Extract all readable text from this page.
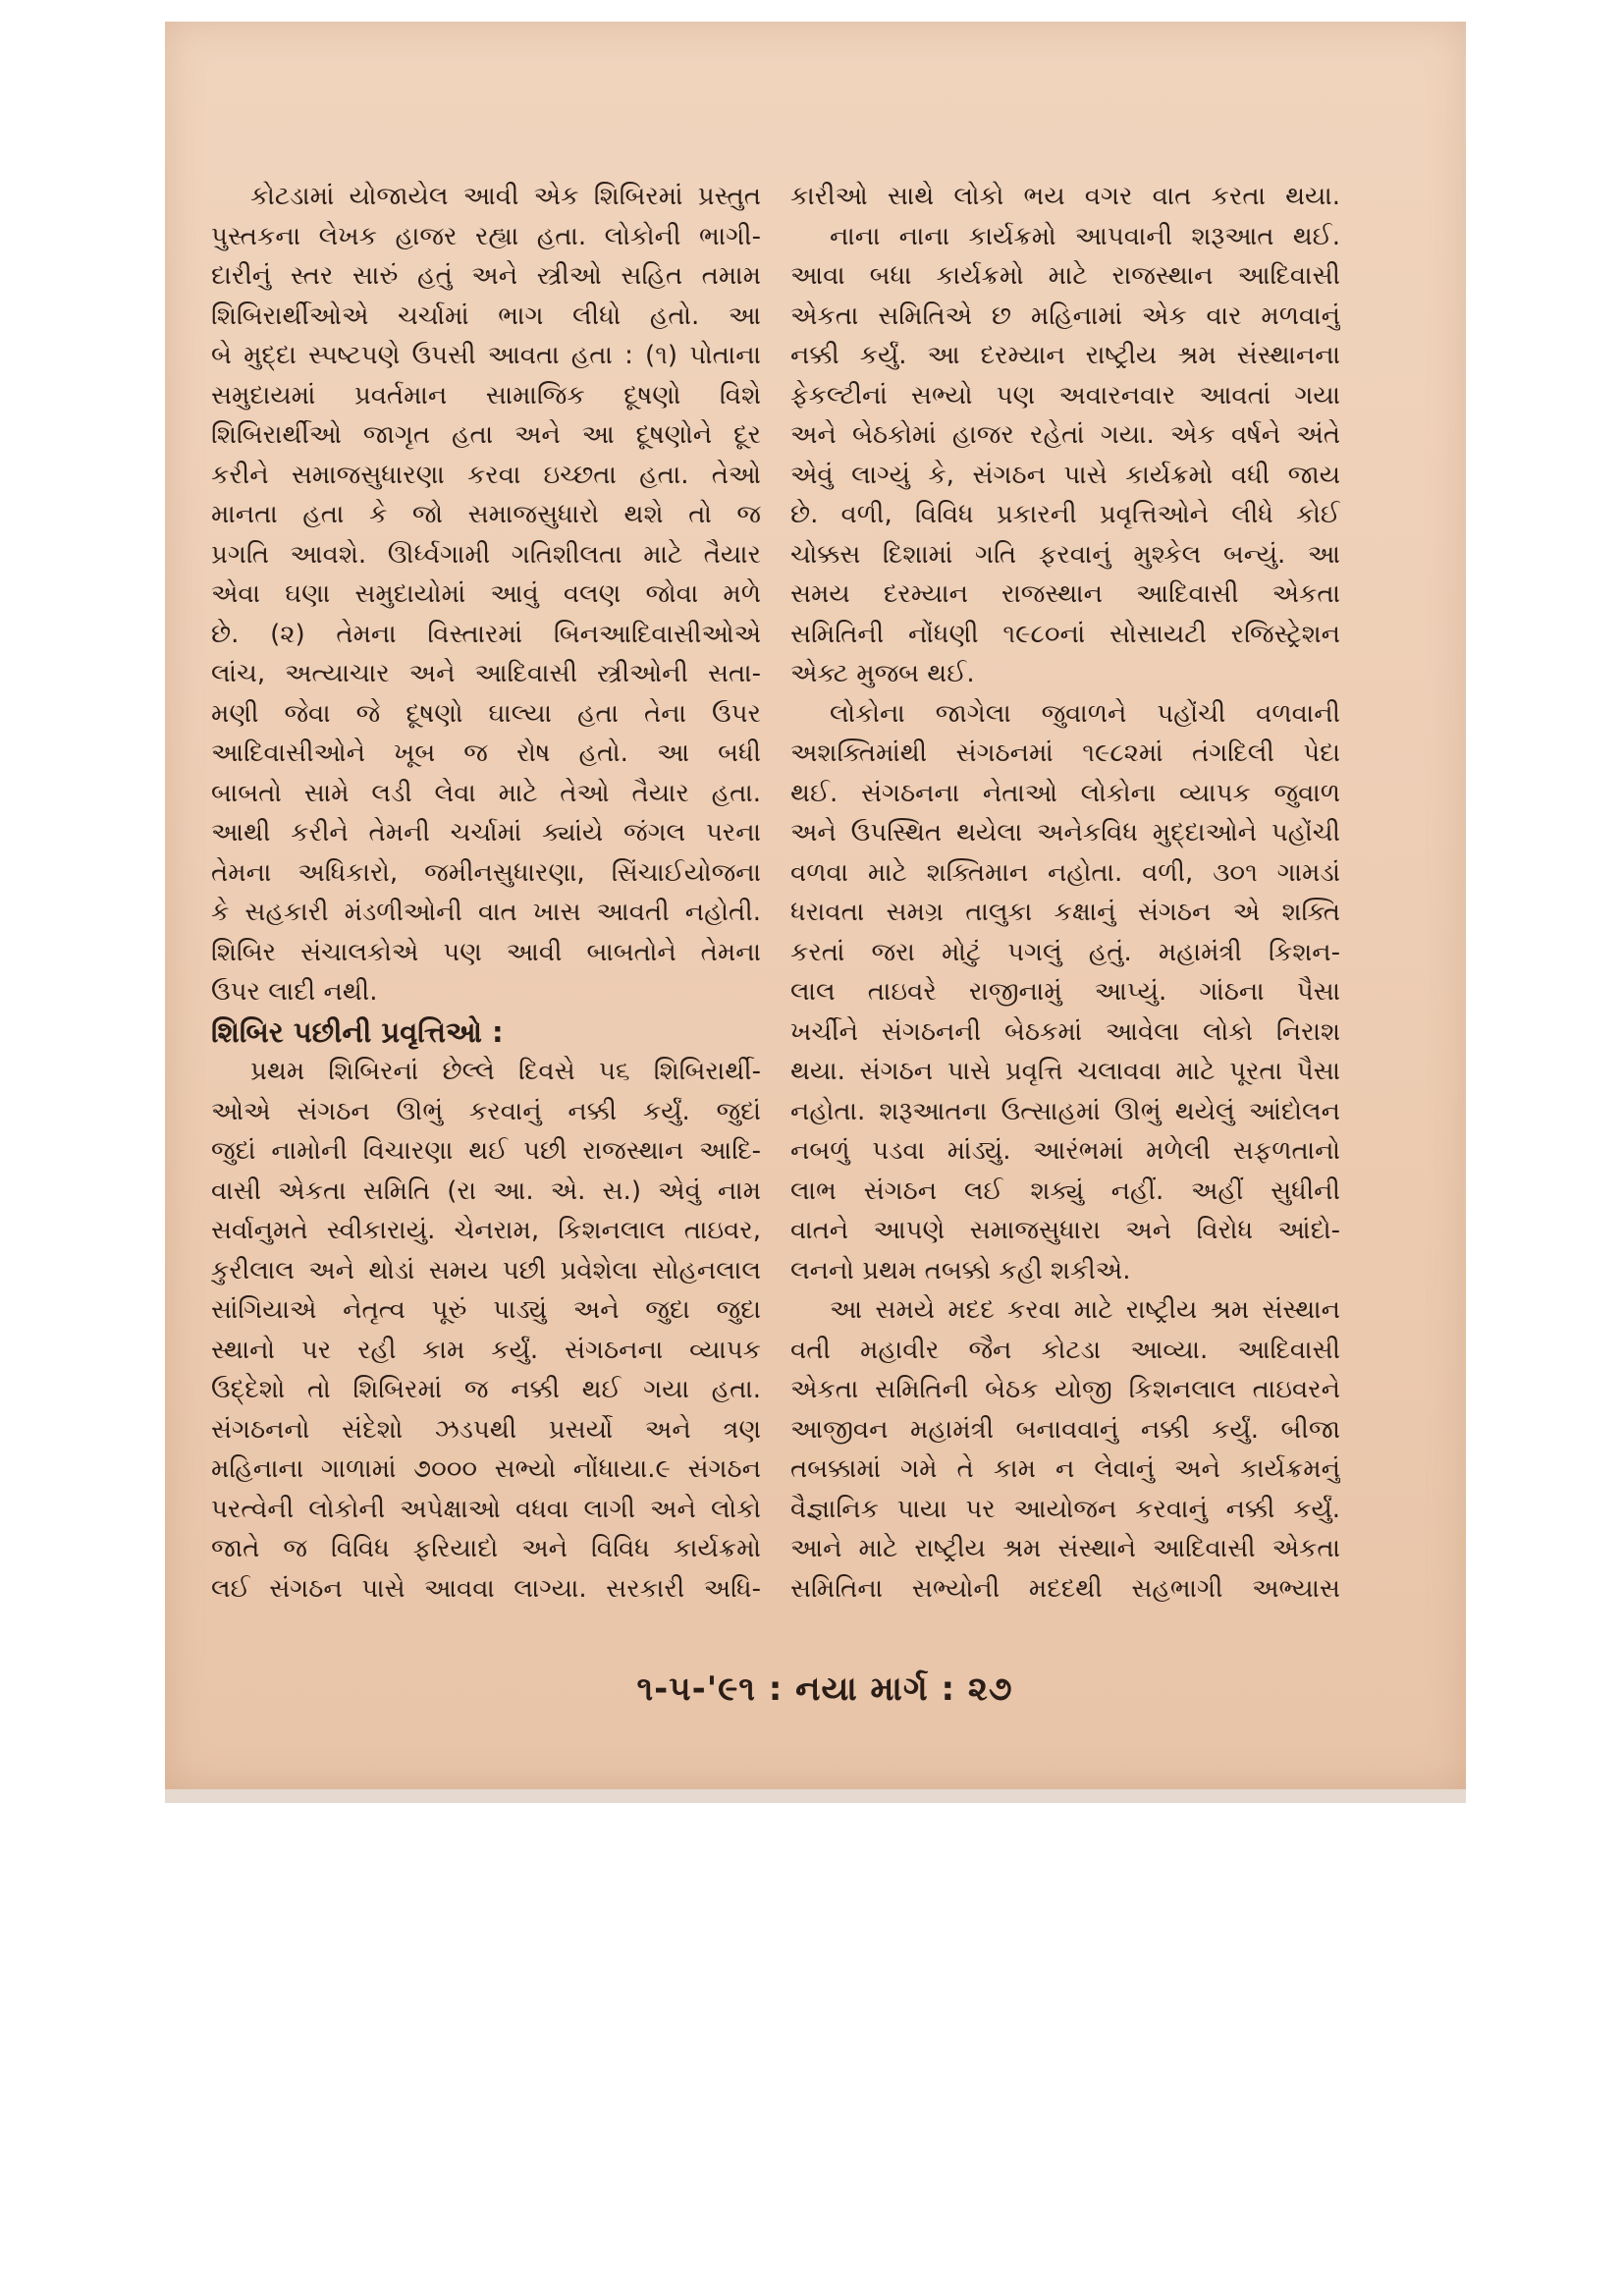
કોટડામાં યોજાયેલ આવી એક શિબિરમાં પ્રસ્તુત
પુસ્તકના લેખક હાજર રહ્યા હતા. લોકોની ભાગી-
દારીનું સ્તર સારું હતું અને સ્ત્રીઓ સહિત તમામ
શિબિરાર્થીઓએ ચર્ચામાં ભાગ લીધો હતો. આ
બે મુદ્દા સ્પષ્ટપણે ઉપસી આવતા હતા : (૧) પોતાના
સમુદાયમાં પ્રવર્તમાન સામાજિક દૂષણો વિશે
શિબિરાર્થીઓ જાગૃત હતા અને આ દૂષણોને દૂર
કરીને સમાજસુધારણા કરવા ઇચ્છતા હતા. તેઓ
માનતા હતા કે જો સમાજસુધારો થશે તો જ
પ્રગતિ આવશે. ઊર્ધ્વગામી ગતિશીલતા માટે તૈયાર
એવા ઘણા સમુદાયોમાં આવું વલણ જોવા મળે
છે. (૨) તેમના વિસ્તારમાં બિનઆદિવાસીઓએ
લાંચ, અત્યાચાર અને આદિવાસી સ્ત્રીઓની સતા-
મણી જેવા જે દૂષણો ઘાલ્યા હતા તેના ઉપર
આદિવાસીઓને ખૂબ જ રોષ હતો. આ બધી
બાબતો સામે લડી લેવા માટે તેઓ તૈયાર હતા.
આથી કરીને તેમની ચર્ચામાં ક્યાંયે જંગલ પરના
તેમના અધિકારો, જમીનસુધારણા, સિંચાઈયોજના
કે સહકારી મંડળીઓની વાત ખાસ આવતી નહોતી.
શિબિર સંચાલકોએ પણ આવી બાબતોને તેમના
ઉપર લાદી નથી.
શિબિર પછીની પ્રવૃત્તિઓ :
પ્રથમ શિબિરનાં છેલ્લે દિવસે ૫૬ શિબિરાર્થી-
ઓએ સંગઠન ઊભું કરવાનું નક્કી કર્યું. જુદાં
જુદાં નામોની વિચારણા થઈ પછી રાજસ્થાન આદિ-
વાસી એકતા સમિતિ (રા આ. એ. સ.) એવું નામ
સર્વાનુમતે સ્વીકારાયું. ચેનરામ, કિશનલાલ તાઇવર,
કુરીલાલ અને થોડાં સમય પછી પ્રવેશેલા સોહનલાલ
સાંગિયાએ નેતૃત્વ પૂરું પાડ્યું અને જુદા જુદા
સ્થાનો પર રહી કામ કર્યું. સંગઠનના વ્યાપક
ઉદ્દેશો તો શિબિરમાં જ નક્કી થઈ ગયા હતા.
સંગઠનનો સંદેશો ઝડપથી પ્રસર્યો અને ત્રણ
મહિનાના ગાળામાં ૭૦૦૦ સભ્યો નોંધાયા.૯ સંગઠન
પરત્વેની લોકોની અપેક્ષાઓ વધવા લાગી અને લોકો
જાતે જ વિવિધ ફરિયાદો અને વિવિધ કાર્યક્રમો
લઈ સંગઠન પાસે આવવા લાગ્યા. સરકારી અધિ-
કારીઓ સાથે લોકો ભય વગર વાત કરતા થયા.
નાના નાના કાર્યક્રમો આપવાની શરૂઆત થઈ.
આવા બધા કાર્યક્રમો માટે રાજસ્થાન આદિવાસી
એકતા સમિતિએ છ મહિનામાં એક વાર મળવાનું
નક્કી કર્યું. આ દરમ્યાન રાષ્ટ્રીય શ્રમ સંસ્થાનના
ફેકલ્ટીનાં સભ્યો પણ અવારનવાર આવતાં ગયા
અને બેઠકોમાં હાજર રહેતાં ગયા. એક વર્ષને અંતે
એવું લાગ્યું કે, સંગઠન પાસે કાર્યક્રમો વધી જાય
છે. વળી, વિવિધ પ્રકારની પ્રવૃત્તિઓને લીધે કોઈ
ચોક્કસ દિશામાં ગતિ ફરવાનું મુશ્કેલ બન્યું. આ
સમય દરમ્યાન રાજસ્થાન આદિવાસી એકતા
સમિતિની નોંધણી ૧૯૮૦નાં સોસાયટી રજિસ્ટ્રેશન
એક્ટ મુજબ થઈ.
લોકોના જાગેલા જુવાળને પહોંચી વળવાની
અશક્તિમાંથી સંગઠનમાં ૧૯૮૨માં તંગદિલી પેદા
થઈ. સંગઠનના નેતાઓ લોકોના વ્યાપક જુવાળ
અને ઉપસ્થિત થયેલા અનેકવિધ મુદ્દાઓને પહોંચી
વળવા માટે શક્તિમાન નહોતા. વળી, ૩૦૧ ગામડાં
ધરાવતા સમગ્ર તાલુકા કક્ષાનું સંગઠન એ શક્તિ
કરતાં જરા મોટું પગલું હતું. મહામંત્રી કિશન-
લાલ તાઇવરે રાજીનામું આપ્યું. ગાંઠના પૈસા
ખર્ચીને સંગઠનની બેઠકમાં આવેલા લોકો નિરાશ
થયા. સંગઠન પાસે પ્રવૃત્તિ ચલાવવા માટે પૂરતા પૈસા
નહોતા. શરૂઆતના ઉત્સાહમાં ઊભું થયેલું આંદોલન
નબળું પડવા માંડ્યું. આરંભમાં મળેલી સફળતાનો
લાભ સંગઠન લઈ શક્યું નહીં. અહીં સુધીની
વાતને આપણે સમાજસુધારા અને વિરોધ આંદો-
લનનો પ્રથમ તબક્કો કહી શકીએ.
આ સમયે મદદ કરવા માટે રાષ્ટ્રીય શ્રમ સંસ્થાન
વતી મહાવીર જૈન કોટડા આવ્યા. આદિવાસી
એકતા સમિતિની બેઠક યોજી કિશનલાલ તાઇવરને
આજીવન મહામંત્રી બનાવવાનું નક્કી કર્યું. બીજા
તબક્કામાં ગમે તે કામ ન લેવાનું અને કાર્યક્રમનું
વૈજ્ઞાનિક પાયા પર આયોજન કરવાનું નક્કી કર્યું.
આને માટે રાષ્ટ્રીય શ્રમ સંસ્થાને આદિવાસી એકતા
સમિતિના સભ્યોની મદદથી સહભાગી અભ્યાસ
૧-૫-'૯૧ : નયા માર્ગ : ૨૭
